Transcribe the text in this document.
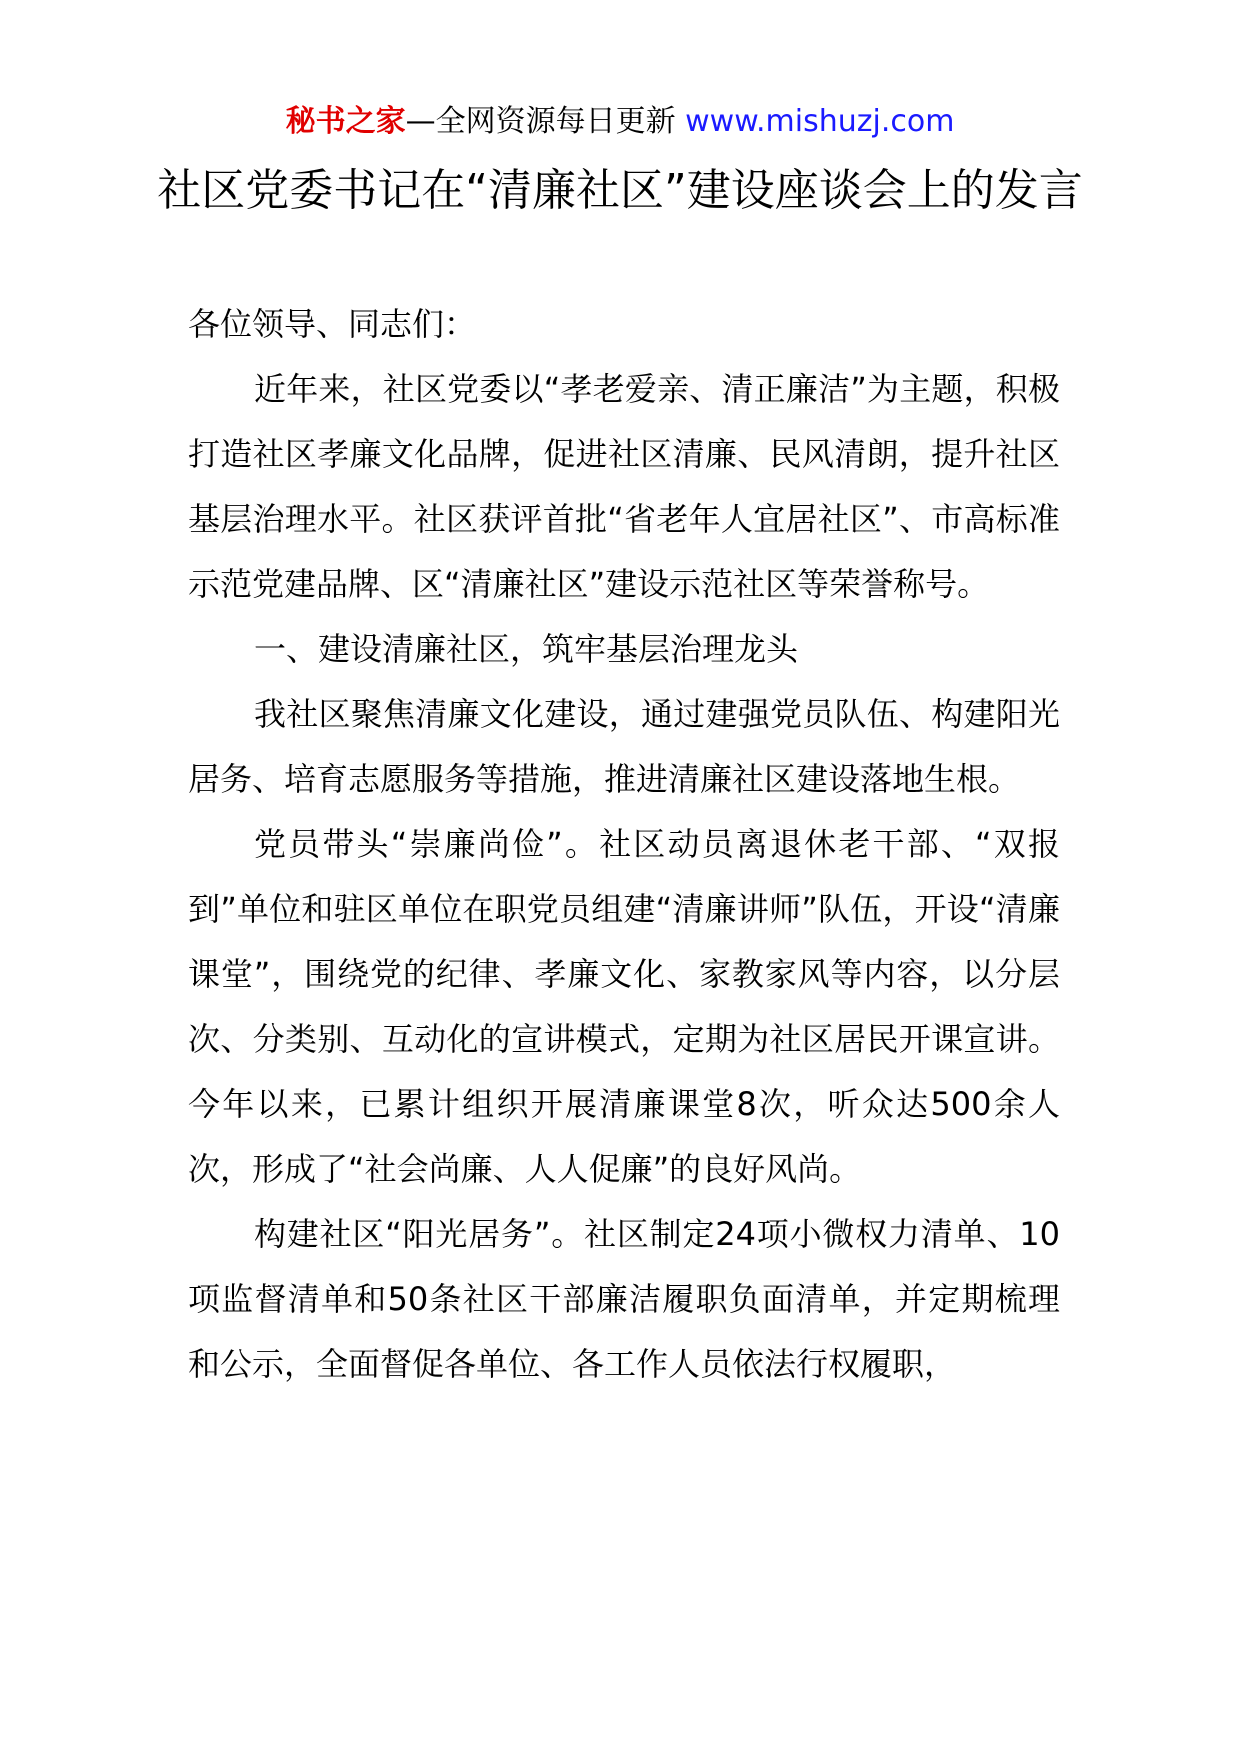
秘书之家—全网资源每日更新 www.mishuzj.com
社区党委书记在“清廉社区”建设座谈会上的发言

各位领导、同志们：

近年来，社区党委以“孝老爱亲、清正廉洁”为主题，积极打造社区孝廉文化品牌，促进社区清廉、民风清朗，提升社区基层治理水平。社区获评首批“省老年人宜居社区”、市高标准示范党建品牌、区“清廉社区”建设示范社区等荣誉称号。

一、建设清廉社区，筑牢基层治理龙头

我社区聚焦清廉文化建设，通过建强党员队伍、构建阳光居务、培育志愿服务等措施，推进清廉社区建设落地生根。

党员带头“崇廉尚俭”。社区动员离退休老干部、“双报到”单位和驻区单位在职党员组建“清廉讲师”队伍，开设“清廉课堂”，围绕党的纪律、孝廉文化、家教家风等内容，以分层次、分类别、互动化的宣讲模式，定期为社区居民开课宣讲。今年以来，已累计组织开展清廉课堂8次，听众达500余人次，形成了“社会尚廉、人人促廉”的良好风尚。

构建社区“阳光居务”。社区制定24项小微权力清单、10项监督清单和50条社区干部廉洁履职负面清单，并定期梳理和公示，全面督促各单位、各工作人员依法行权履职，
